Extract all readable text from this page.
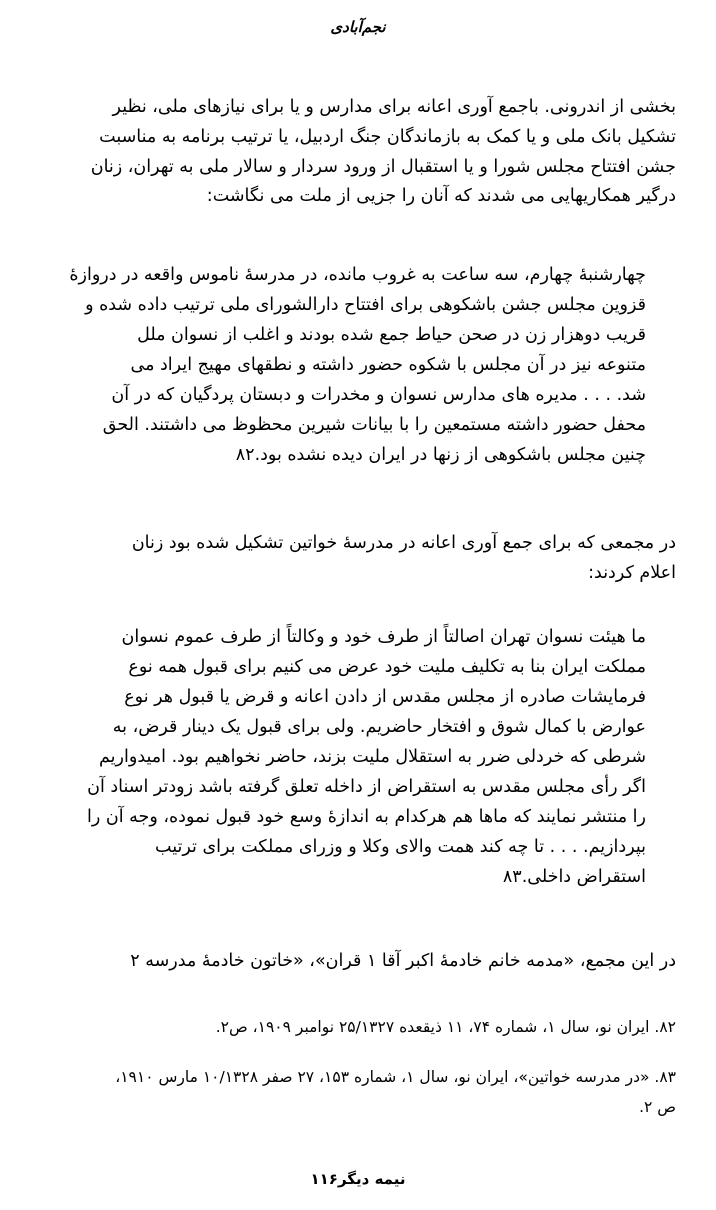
نجم‌آبادی
بخشی از اندرونی. باجمع آوری اعانه برای مدارس و یا برای نیازهای ملی، نظیر
تشکیل بانک ملی و یا کمک به بازماندگان جنگ اردبیل، یا ترتیب برنامه به مناسبت
جشن افتتاح مجلس شورا و یا استقبال از ورود سردار و سالار ملی به تهران، زنان
درگیر همکاریهایی می شدند که آنان را جزیی از ملت می نگاشت:
چهارشنبهٔ چهارم، سه ساعت به غروب مانده، در مدرسهٔ ناموس واقعه در دروازهٔ
قزوین مجلس جشن باشکوهی برای افتتاح دارالشورای ملی ترتیب داده شده و
قریب دوهزار زن در صحن حیاط جمع شده بودند و اغلب از نسوان ملل
متنوعه نیز در آن مجلس با شکوه حضور داشته و نطقهای مهیج ایراد می
شد. . . . مدیره های مدارس نسوان و مخدرات و دبستان پردگیان که در آن
محفل حضور داشته مستمعین را با بیانات شیرین محظوظ می داشتند. الحق
چنین مجلس باشکوهی از زنها در ایران دیده نشده بود.۸۲
در مجمعی که برای جمع آوری اعانه در مدرسهٔ خواتین تشکیل شده بود زنان
اعلام کردند:
ما هیئت نسوان تهران اصالتاً از طرف خود و وکالتاً از طرف عموم نسوان
مملکت ایران بنا به تکلیف ملیت خود عرض می کنیم برای قبول همه نوع
فرمایشات صادره از مجلس مقدس از دادن اعانه و قرض یا قبول هر نوع
عوارض با کمال شوق و افتخار حاضریم. ولی برای قبول یک دینار قرض، به
شرطی که خردلی ضرر به استقلال ملیت بزند، حاضر نخواهیم بود. امیدواریم
اگر رأی مجلس مقدس به استقراض از داخله تعلق گرفته باشد زودتر اسناد آن
را منتشر نمایند که ماها هم هرکدام به اندازهٔ وسع خود قبول نموده، وجه آن را
بپردازیم. . . . تا چه کند همت والای وکلا و وزرای مملکت برای ترتیب
استقراض داخلی.۸۳
در این مجمع، «مدمه خانم خادمهٔ اکبر آقا ۱ قران»، «خاتون خادمهٔ مدرسه ۲
۸۲. ایران نو، سال ۱، شماره ۷۴، ۱۱ ذیقعده ۲۵/۱۳۲۷ نوامبر ۱۹۰۹، ص۲.
۸۳. «در مدرسه خواتین»، ایران نو، سال ۱، شماره ۱۵۳، ۲۷ صفر ۱۰/۱۳۲۸ مارس ۱۹۱۰،
ص ۲.
نیمه دیگر۱۱۶
